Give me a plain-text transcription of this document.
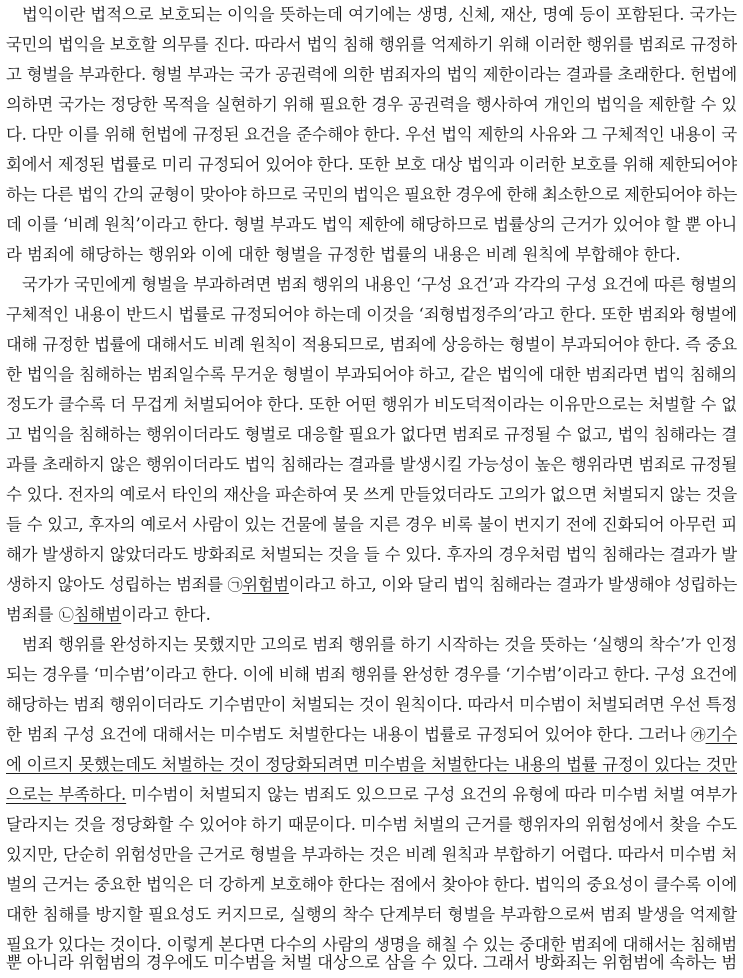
법익이란 법적으로 보호되는 이익을 뜻하는데 여기에는 생명, 신체, 재산, 명예 등이 포함된다. 국가는
국민의 법익을 보호할 의무를 진다. 따라서 법익 침해 행위를 억제하기 위해 이러한 행위를 범죄로 규정하
고 형벌을 부과한다. 형벌 부과는 국가 공권력에 의한 범죄자의 법익 제한이라는 결과를 초래한다. 헌법에
의하면 국가는 정당한 목적을 실현하기 위해 필요한 경우 공권력을 행사하여 개인의 법익을 제한할 수 있
다. 다만 이를 위해 헌법에 규정된 요건을 준수해야 한다. 우선 법익 제한의 사유와 그 구체적인 내용이 국
회에서 제정된 법률로 미리 규정되어 있어야 한다. 또한 보호 대상 법익과 이러한 보호를 위해 제한되어야
하는 다른 법익 간의 균형이 맞아야 하므로 국민의 법익은 필요한 경우에 한해 최소한으로 제한되어야 하는
데 이를 ‘비례 원칙’이라고 한다. 형벌 부과도 법익 제한에 해당하므로 법률상의 근거가 있어야 할 뿐 아니
라 범죄에 해당하는 행위와 이에 대한 형벌을 규정한 법률의 내용은 비례 원칙에 부합해야 한다.
국가가 국민에게 형벌을 부과하려면 범죄 행위의 내용인 ‘구성 요건’과 각각의 구성 요건에 따른 형벌의
구체적인 내용이 반드시 법률로 규정되어야 하는데 이것을 ‘죄형법정주의’라고 한다. 또한 범죄와 형벌에
대해 규정한 법률에 대해서도 비례 원칙이 적용되므로, 범죄에 상응하는 형벌이 부과되어야 한다. 즉 중요
한 법익을 침해하는 범죄일수록 무거운 형벌이 부과되어야 하고, 같은 법익에 대한 범죄라면 법익 침해의
정도가 클수록 더 무겁게 처벌되어야 한다. 또한 어떤 행위가 비도덕적이라는 이유만으로는 처벌할 수 없
고 법익을 침해하는 행위이더라도 형벌로 대응할 필요가 없다면 범죄로 규정될 수 없고, 법익 침해라는 결
과를 초래하지 않은 행위이더라도 법익 침해라는 결과를 발생시킬 가능성이 높은 행위라면 범죄로 규정될
수 있다. 전자의 예로서 타인의 재산을 파손하여 못 쓰게 만들었더라도 고의가 없으면 처벌되지 않는 것을
들 수 있고, 후자의 예로서 사람이 있는 건물에 불을 지른 경우 비록 불이 번지기 전에 진화되어 아무런 피
해가 발생하지 않았더라도 방화죄로 처벌되는 것을 들 수 있다. 후자의 경우처럼 법익 침해라는 결과가 발
생하지 않아도 성립하는 범죄를 ㉠위험범이라고 하고, 이와 달리 법익 침해라는 결과가 발생해야 성립하는
범죄를 ㉡침해범이라고 한다.
범죄 행위를 완성하지는 못했지만 고의로 범죄 행위를 하기 시작하는 것을 뜻하는 ‘실행의 착수’가 인정
되는 경우를 ‘미수범’이라고 한다. 이에 비해 범죄 행위를 완성한 경우를 ‘기수범’이라고 한다. 구성 요건에
해당하는 범죄 행위이더라도 기수범만이 처벌되는 것이 원칙이다. 따라서 미수범이 처벌되려면 우선 특정
한 범죄 구성 요건에 대해서는 미수범도 처벌한다는 내용이 법률로 규정되어 있어야 한다. 그러나 ㉮기수
에 이르지 못했는데도 처벌하는 것이 정당화되려면 미수범을 처벌한다는 내용의 법률 규정이 있다는 것만
으로는 부족하다. 미수범이 처벌되지 않는 범죄도 있으므로 구성 요건의 유형에 따라 미수범 처벌 여부가
달라지는 것을 정당화할 수 있어야 하기 때문이다. 미수범 처벌의 근거를 행위자의 위험성에서 찾을 수도
있지만, 단순히 위험성만을 근거로 형벌을 부과하는 것은 비례 원칙과 부합하기 어렵다. 따라서 미수범 처
벌의 근거는 중요한 법익은 더 강하게 보호해야 한다는 점에서 찾아야 한다. 법익의 중요성이 클수록 이에
대한 침해를 방지할 필요성도 커지므로, 실행의 착수 단계부터 형벌을 부과함으로써 범죄 발생을 억제할
필요가 있다는 것이다. 이렇게 본다면 다수의 사람의 생명을 해칠 수 있는 중대한 범죄에 대해서는 침해범
뿐 아니라 위험범의 경우에도 미수범을 처벌 대상으로 삼을 수 있다. 그래서 방화죄는 위험범에 속하는 범
